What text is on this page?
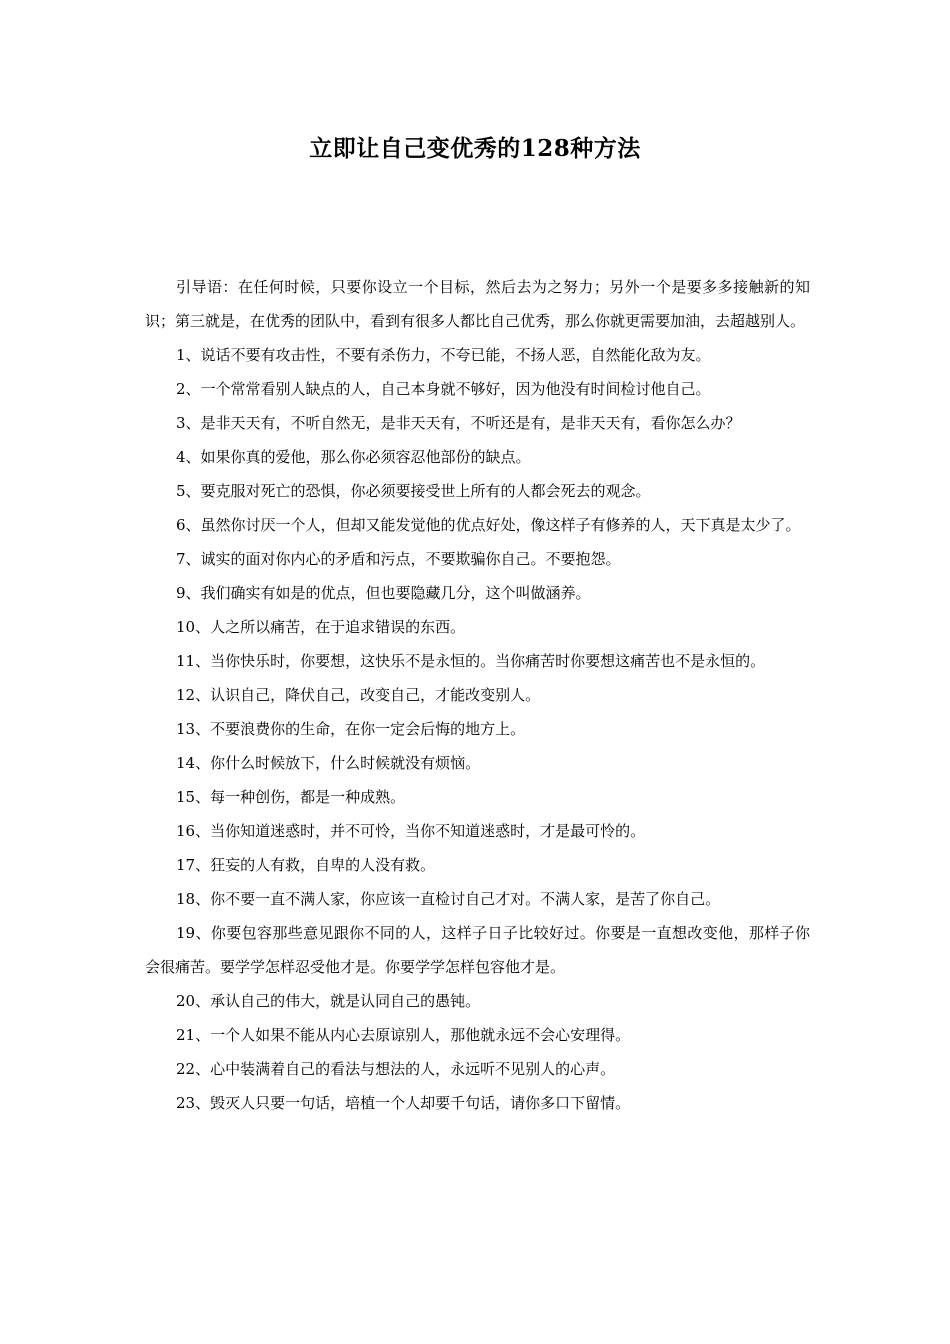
立即让自己变优秀的128种方法

引导语：在任何时候，只要你设立一个目标，然后去为之努力；另外一个是要多多接触新的知识；第三就是，在优秀的团队中，看到有很多人都比自己优秀，那么你就更需要加油，去超越别人。

1、说话不要有攻击性，不要有杀伤力，不夸已能，不扬人恶，自然能化敌为友。

2、一个常常看别人缺点的人，自己本身就不够好，因为他没有时间检讨他自己。

3、是非天天有，不听自然无，是非天天有，不听还是有，是非天天有，看你怎么办？

4、如果你真的爱他，那么你必须容忍他部份的缺点。

5、要克服对死亡的恐惧，你必须要接受世上所有的人都会死去的观念。

6、虽然你讨厌一个人，但却又能发觉他的优点好处，像这样子有修养的人，天下真是太少了。

7、诚实的面对你内心的矛盾和污点，不要欺骗你自己。不要抱怨。

9、我们确实有如是的优点，但也要隐藏几分，这个叫做涵养。

10、人之所以痛苦，在于追求错误的东西。

11、当你快乐时，你要想，这快乐不是永恒的。当你痛苦时你要想这痛苦也不是永恒的。

12、认识自己，降伏自己，改变自己，才能改变别人。

13、不要浪费你的生命，在你一定会后悔的地方上。

14、你什么时候放下，什么时候就没有烦恼。

15、每一种创伤，都是一种成熟。

16、当你知道迷惑时，并不可怜，当你不知道迷惑时，才是最可怜的。

17、狂妄的人有救，自卑的人没有救。

18、你不要一直不满人家，你应该一直检讨自己才对。不满人家，是苦了你自己。

19、你要包容那些意见跟你不同的人，这样子日子比较好过。你要是一直想改变他，那样子你会很痛苦。要学学怎样忍受他才是。你要学学怎样包容他才是。

20、承认自己的伟大，就是认同自己的愚钝。

21、一个人如果不能从内心去原谅别人，那他就永远不会心安理得。

22、心中装满着自己的看法与想法的人，永远听不见别人的心声。

23、毁灭人只要一句话，培植一个人却要千句话，请你多口下留情。
